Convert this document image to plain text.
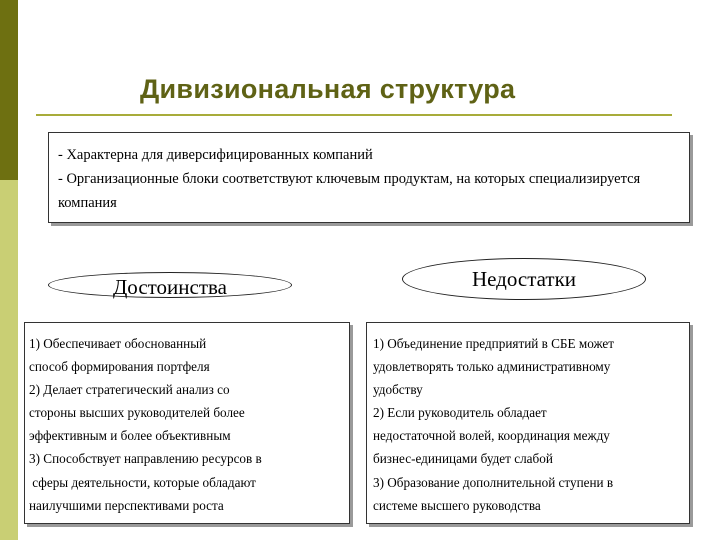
Дивизиональная структура
- Характерна для диверсифицированных компаний
- Организационные блоки соответствуют ключевым продуктам, на которых специализируется компания
Достоинства	Недостатки
1) Обеспечивает обоснованный
способ формирования портфеля
2) Делает стратегический анализ со
стороны высших руководителей более
эффективным и более объективным
3) Способствует направлению ресурсов в
сферы деятельности, которые обладают
наилучшими перспективами роста
1) Объединение предприятий в СБЕ может
удовлетворять только административному
удобству
2) Если руководитель обладает
недостаточной волей, координация между
бизнес-единицами будет слабой
3) Образование дополнительной ступени в
системе высшего руководства
